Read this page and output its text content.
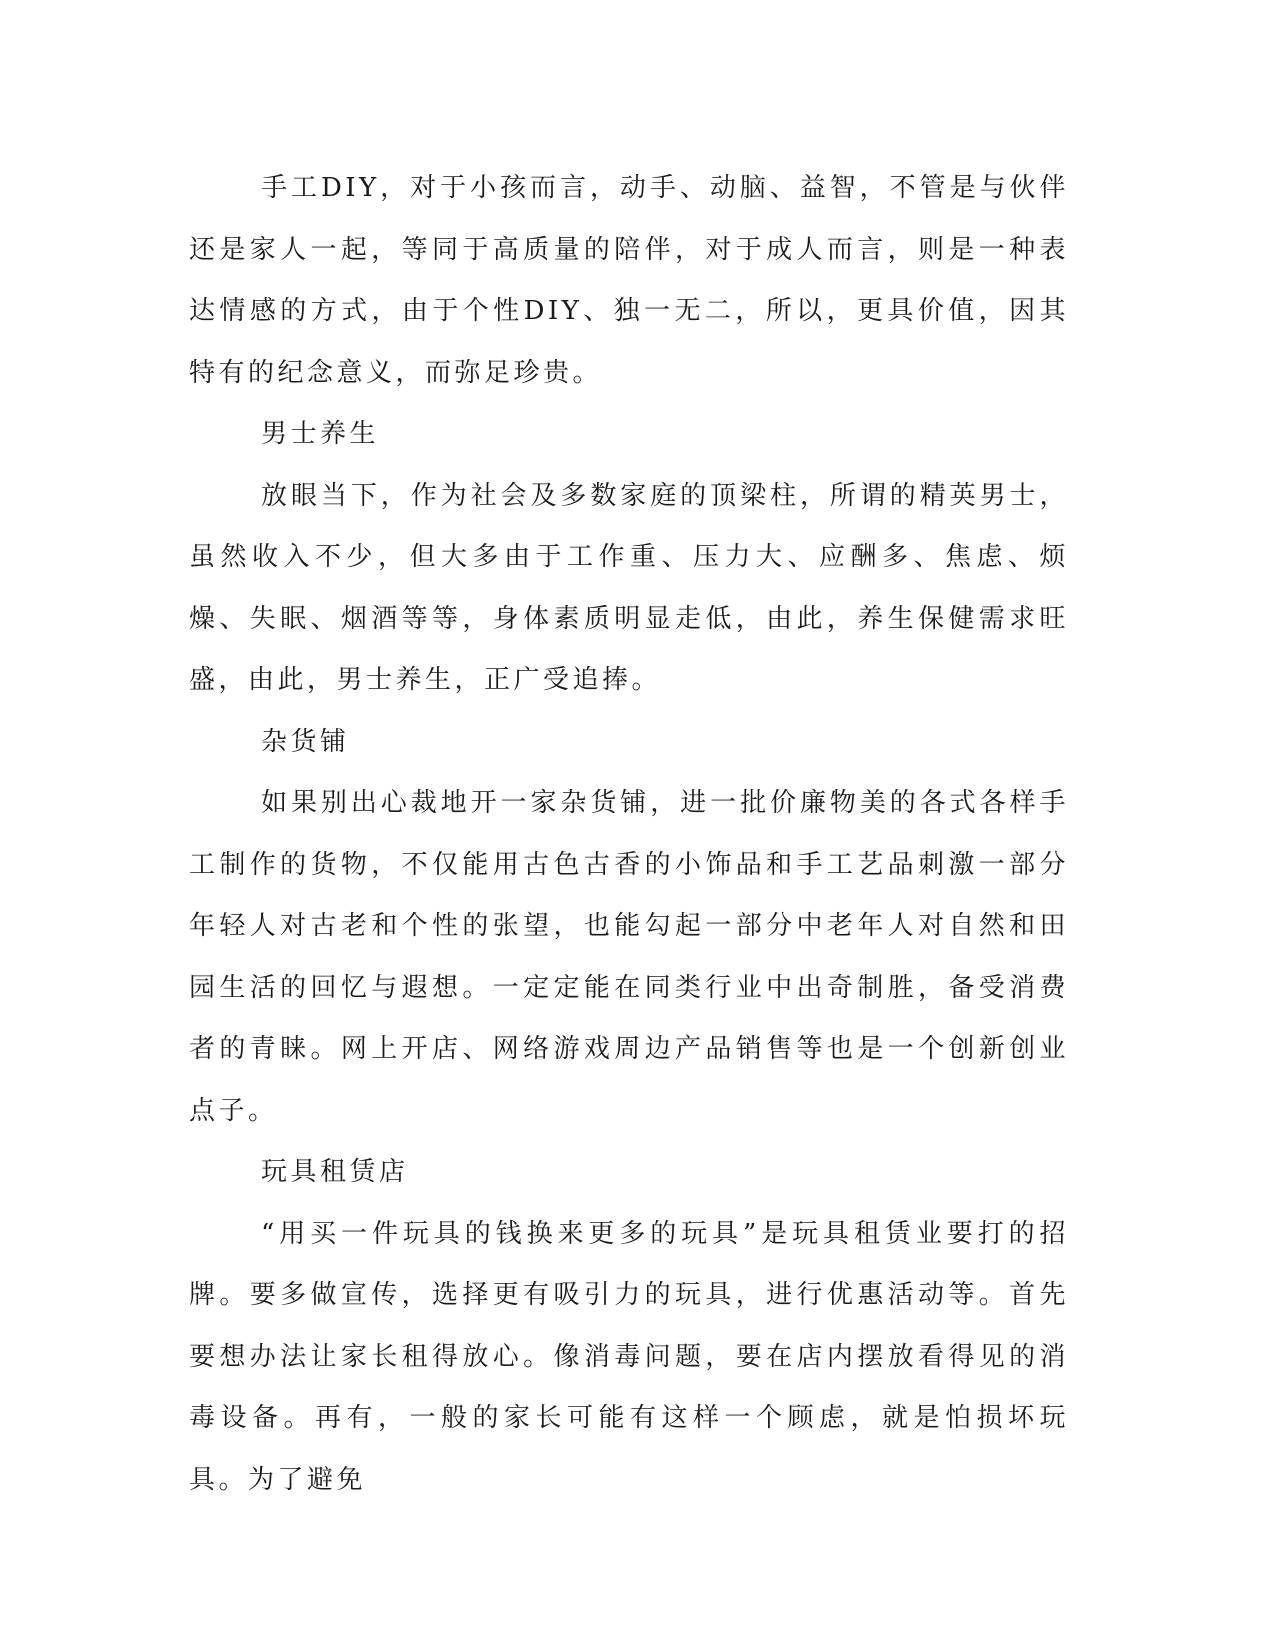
手工DIY，对于小孩而言，动手、动脑、益智，不管是与伙伴还是家人一起，等同于高质量的陪伴，对于成人而言，则是一种表达情感的方式，由于个性DIY、独一无二，所以，更具价值，因其特有的纪念意义，而弥足珍贵。

男士养生

放眼当下，作为社会及多数家庭的顶梁柱，所谓的精英男士，虽然收入不少，但大多由于工作重、压力大、应酬多、焦虑、烦燥、失眠、烟酒等等，身体素质明显走低，由此，养生保健需求旺盛，由此，男士养生，正广受追捧。

杂货铺

如果别出心裁地开一家杂货铺，进一批价廉物美的各式各样手工制作的货物，不仅能用古色古香的小饰品和手工艺品刺激一部分年轻人对古老和个性的张望，也能勾起一部分中老年人对自然和田园生活的回忆与遐想。一定定能在同类行业中出奇制胜，备受消费者的青睐。网上开店、网络游戏周边产品销售等也是一个创新创业点子。

玩具租赁店

“用买一件玩具的钱换来更多的玩具”是玩具租赁业要打的招牌。要多做宣传，选择更有吸引力的玩具，进行优惠活动等。首先要想办法让家长租得放心。像消毒问题，要在店内摆放看得见的消毒设备。再有，一般的家长可能有这样一个顾虑，就是怕损坏玩具。为了避免
